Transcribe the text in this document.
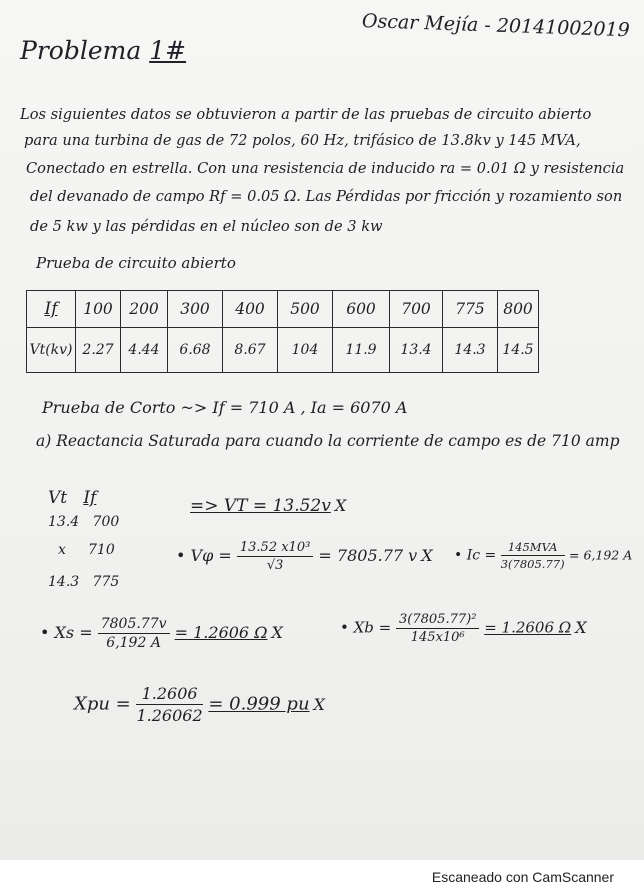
Oscar Mejía - 20141002019
Problema 1#
Los siguientes datos se obtuvieron a partir de las pruebas de circuito abierto
para una turbina de gas de 72 polos, 60 Hz, trifásico de 13.8kv y 145 MVA,
Conectado en estrella. Con una resistencia de inducido ra = 0.01 Ω y resistencia
del devanado de campo Rf = 0.05 Ω. Las Pérdidas por fricción y rozamiento son
de 5 kw y las pérdidas en el núcleo son de 3 kw
Prueba de circuito abierto
If	100	200	300	400	500	600	700	775	800
Vt(kv)	2.27	4.44	6.68	8.67	104	11.9	13.4	14.3	14.5
Prueba de Corto ~> If = 710 A , Ia = 6070 A
a) Reactancia Saturada para cuando la corriente de campo es de 710 amp
Vt If
13.4 700
x 710
14.3 775
=> VT = 13.52v X
• $V\varphi = \frac{\text{13.52 x10³}}{√3} = 7805.77$ v X • $Ic = \frac{\text{145MVA}}{3(7805.77)} = 6,192$ A
• $Xs = \frac{7805.77v}{6,192 A} = 1.2606$ Ω X	• $Xb = \frac{\text{3(7805.77)²}}{\text{145x10⁶}} = 1.2606$ Ω X
Xpu = $\frac{1.2606}{1.26062} = 0.999$ pu X
Escaneado con CamScanner
